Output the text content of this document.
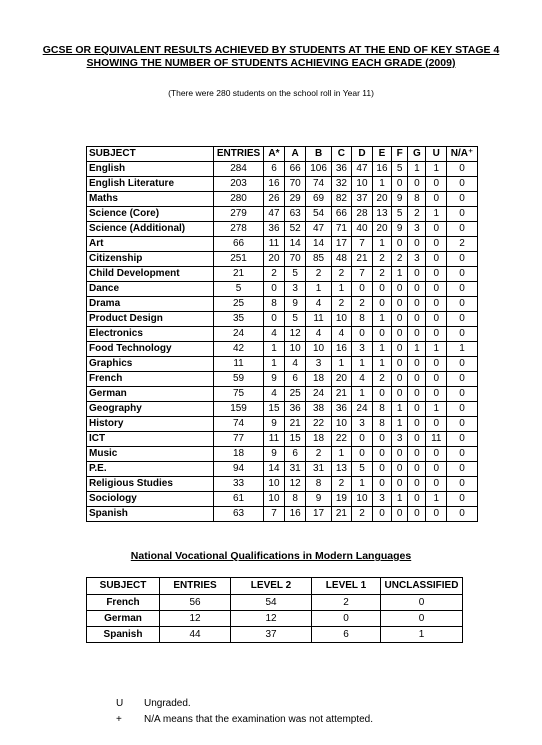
GCSE OR EQUIVALENT RESULTS ACHIEVED BY STUDENTS AT THE END OF KEY STAGE 4
SHOWING THE NUMBER OF STUDENTS ACHIEVING EACH GRADE (2009)
(There were 280 students on the school roll in Year 11)
SUBJECT	ENTRIES	A*	A	B	C	D	E	F	G	U	N/A⁺
English	284	6	66	106	36	47	16	5	1	1	0
English Literature	203	16	70	74	32	10	1	0	0	0	0
Maths	280	26	29	69	82	37	20	9	8	0	0
Science (Core)	279	47	63	54	66	28	13	5	2	1	0
Science (Additional)	278	36	52	47	71	40	20	9	3	0	0
Art	66	11	14	14	17	7	1	0	0	0	2
Citizenship	251	20	70	85	48	21	2	2	3	0	0
Child Development	21	2	5	2	2	7	2	1	0	0	0
Dance	5	0	3	1	1	0	0	0	0	0	0
Drama	25	8	9	4	2	2	0	0	0	0	0
Product Design	35	0	5	11	10	8	1	0	0	0	0
Electronics	24	4	12	4	4	0	0	0	0	0	0
Food Technology	42	1	10	10	16	3	1	0	1	1	1
Graphics	11	1	4	3	1	1	1	0	0	0	0
French	59	9	6	18	20	4	2	0	0	0	0
German	75	4	25	24	21	1	0	0	0	0	0
Geography	159	15	36	38	36	24	8	1	0	1	0
History	74	9	21	22	10	3	8	1	0	0	0
ICT	77	11	15	18	22	0	0	3	0	11	0
Music	18	9	6	2	1	0	0	0	0	0	0
P.E.	94	14	31	31	13	5	0	0	0	0	0
Religious Studies	33	10	12	8	2	1	0	0	0	0	0
Sociology	61	10	8	9	19	10	3	1	0	1	0
Spanish	63	7	16	17	21	2	0	0	0	0	0
National Vocational Qualifications in Modern Languages
SUBJECT	ENTRIES	LEVEL 2	LEVEL 1	UNCLASSIFIED
French	56	54	2	0
German	12	12	0	0
Spanish	44	37	6	1
U Ungraded.
+ N/A means that the examination was not attempted.
